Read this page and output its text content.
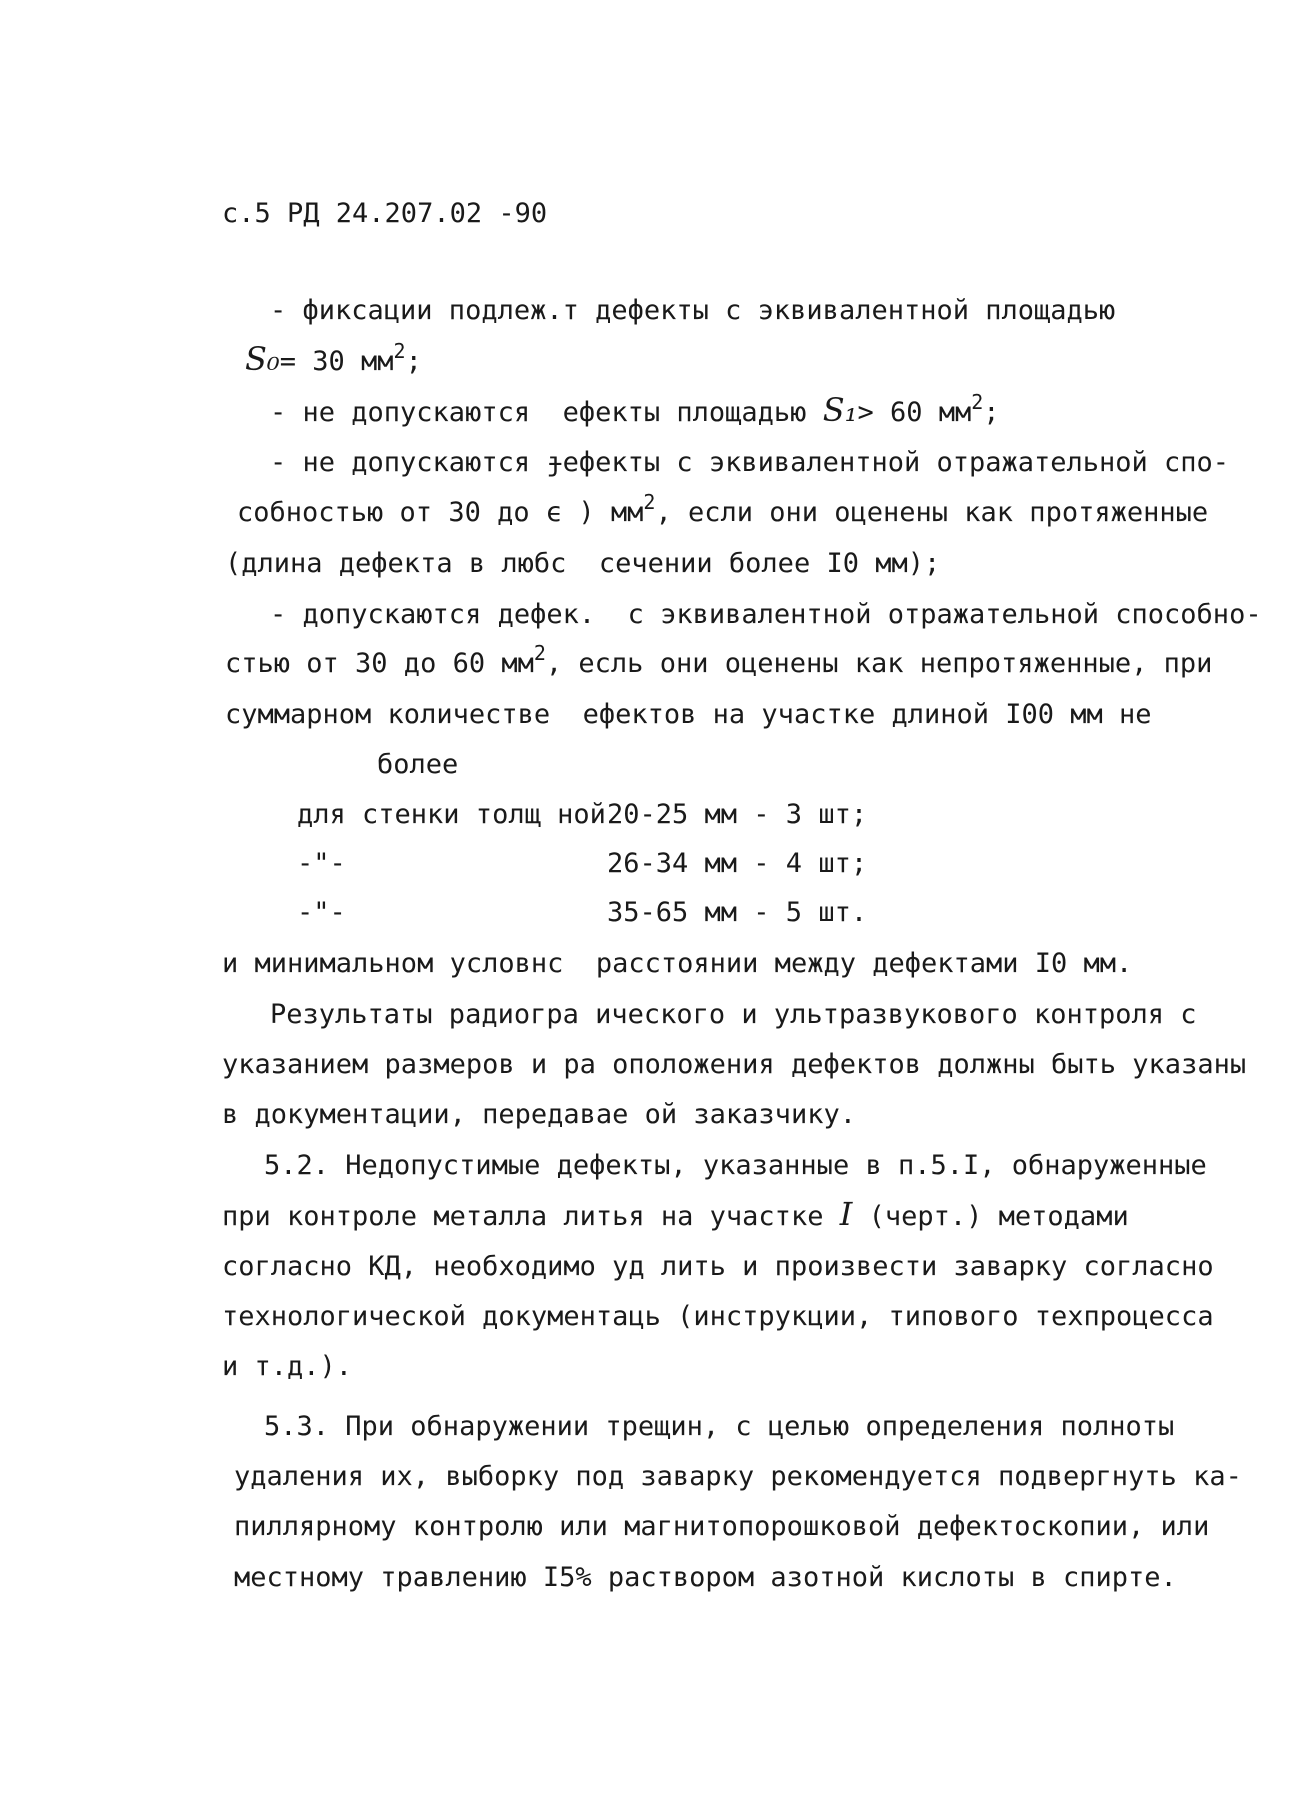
с.5 РД 24.207.02 -90
- фиксации подлеж.т дефекты с эквивалентной площадью
S₀= 30 $мм^2$;
- не допускаются  ефекты площадью S₁> 60 $мм^2$;
- не допускаются ɟефекты с эквивалентной отражательной спо-
собностью от 30 до ϵ ) $мм^2$, если они оценены как протяженные
(длина дефекта в любс  сечении более I0 мм);
- допускаются дефек.  с эквивалентной отражательной способно-
стью от 30 до 60 $мм^2$, есль они оценены как непротяженные, при
суммарном количестве  ефектов на участке длиной I00 мм не
более
для стенки толщ ной 20-25 мм - 3 шт;
-"-	26-34 мм - 4 шт;
-"-	35-65 мм - 5 шт.
и минимальном условнс  расстоянии между дефектами I0 мм.
Результаты радиогра ического и ультразвукового контроля с
указанием размеров и ра оположения дефектов должны быть указаны
в документации, передавае ой заказчику.
5.2. Недопустимые дефекты, указанные в п.5.I, обнаруженные
при контроле металла литья на участке I (черт.) методами
согласно КД, необходимо уд лить и произвести заварку согласно
технологической документаць (инструкции, типового техпроцесса
и т.д.).
5.3. При обнаружении трещин, с целью определения полноты
удаления их, выборку под заварку рекомендуется подвергнуть ка-
пиллярному контролю или магнитопорошковой дефектоскопии, или
местному травлению I5% раствором азотной кислоты в спирте.
